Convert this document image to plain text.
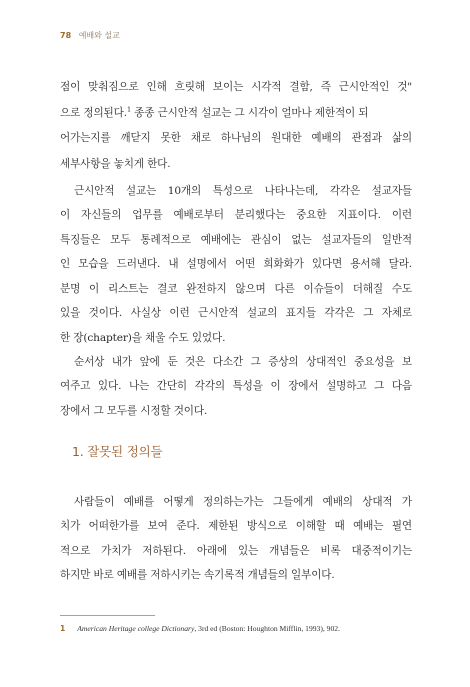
78 예배와 설교
점이 맞춰짐으로 인해 흐릿해 보이는 시각적 결함, 즉 근시안적인 것"
으로 정의된다.$^1$ 종종 근시안적 설교는 그 시각이 얼마나 제한적이 되
어가는지를 깨닫지 못한 채로 하나님의 원대한 예배의 관점과 삶의
세부사항을 놓치게 한다.
근시안적 설교는 10개의 특성으로 나타나는데, 각각은 설교자들
이 자신들의 업무를 예배로부터 분리했다는 중요한 지표이다. 이런
특징들은 모두 통례적으로 예배에는 관심이 없는 설교자들의 일반적
인 모습을 드러낸다. 내 설명에서 어떤 희화화가 있다면 용서해 달라.
분명 이 리스트는 결코 완전하지 않으며 다른 이슈들이 더해질 수도
있을 것이다. 사실상 이런 근시안적 설교의 표지들 각각은 그 자체로
한 장(chapter)을 채울 수도 있었다.
순서상 내가 앞에 둔 것은 다소간 그 증상의 상대적인 중요성을 보
여주고 있다. 나는 간단히 각각의 특성을 이 장에서 설명하고 그 다음
장에서 그 모두를 시정할 것이다.
1. 잘못된 정의들
사람들이 예배를 어떻게 정의하는가는 그들에게 예배의 상대적 가
치가 어떠한가를 보여 준다. 제한된 방식으로 이해할 때 예배는 필연
적으로 가치가 저하된다. 아래에 있는 개념들은 비록 대중적이기는
하지만 바로 예배를 저하시키는 속기록적 개념들의 일부이다.
1 American Heritage college Dictionary, 3rd ed (Boston: Houghton Mifflin, 1993), 902.
